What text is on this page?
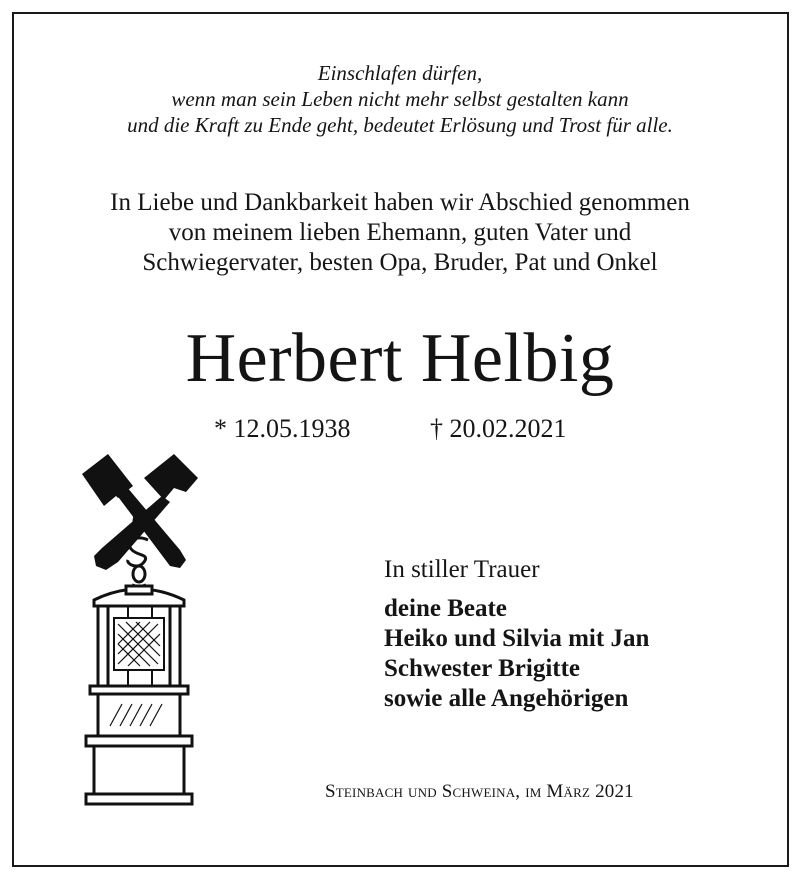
Einschlafen dürfen,
wenn man sein Leben nicht mehr selbst gestalten kann
und die Kraft zu Ende geht, bedeutet Erlösung und Trost für alle.
In Liebe und Dankbarkeit haben wir Abschied genommen
von meinem lieben Ehemann, guten Vater und
Schwiegervater, besten Opa, Bruder, Pat und Onkel
Herbert Helbig
* 12.05.1938	† 20.02.2021
In stiller Trauer
deine Beate
Heiko und Silvia mit Jan
Schwester Brigitte
sowie alle Angehörigen
Steinbach und Schweina, im März 2021
